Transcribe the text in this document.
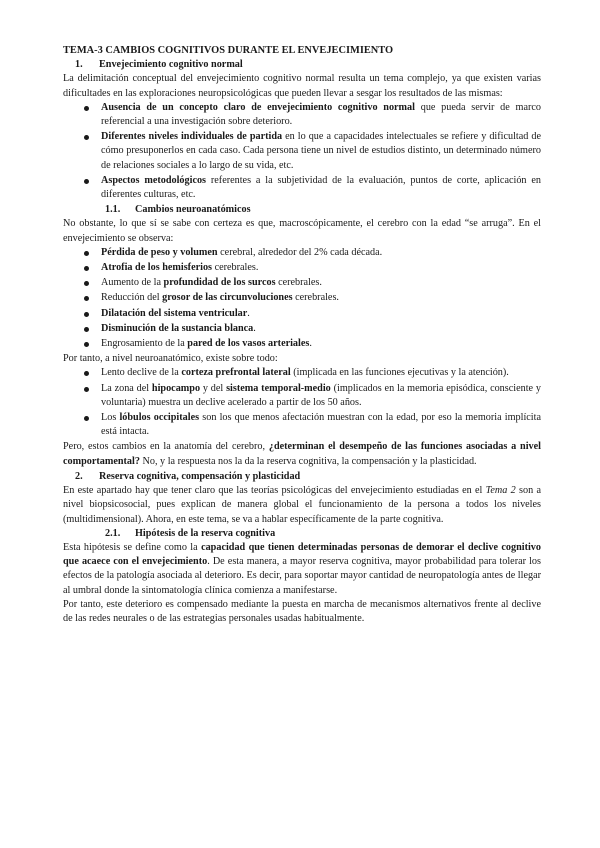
TEMA-3 CAMBIOS COGNITIVOS DURANTE EL ENVEJECIMIENTO

1. Envejecimiento cognitivo normal

La delimitación conceptual del envejecimiento cognitivo normal resulta un tema complejo, ya que existen varias dificultades en las exploraciones neuropsicológicas que pueden llevar a sesgar los resultados de las mismas:

Ausencia de un concepto claro de envejecimiento cognitivo normal que pueda servir de marco referencial a una investigación sobre deterioro.
Diferentes niveles individuales de partida en lo que a capacidades intelectuales se refiere y dificultad de cómo presuponerlos en cada caso. Cada persona tiene un nivel de estudios distinto, un determinado número de relaciones sociales a lo largo de su vida, etc.
Aspectos metodológicos referentes a la subjetividad de la evaluación, puntos de corte, aplicación en diferentes culturas, etc.

1.1. Cambios neuroanatómicos

No obstante, lo que sí se sabe con certeza es que, macroscópicamente, el cerebro con la edad “se arruga”. En el envejecimiento se observa:

Pérdida de peso y volumen cerebral, alrededor del 2% cada década.
Atrofia de los hemisferios cerebrales.
Aumento de la profundidad de los surcos cerebrales.
Reducción del grosor de las circunvoluciones cerebrales.
Dilatación del sistema ventricular.
Disminución de la sustancia blanca.
Engrosamiento de la pared de los vasos arteriales.

Por tanto, a nivel neuroanatómico, existe sobre todo:

Lento declive de la corteza prefrontal lateral (implicada en las funciones ejecutivas y la atención).
La zona del hipocampo y del sistema temporal-medio (implicados en la memoria episódica, consciente y voluntaria) muestra un declive acelerado a partir de los 50 años.
Los lóbulos occipitales son los que menos afectación muestran con la edad, por eso la memoria implícita está intacta.

Pero, estos cambios en la anatomía del cerebro, ¿determinan el desempeño de las funciones asociadas a nivel comportamental? No, y la respuesta nos la da la reserva cognitiva, la compensación y la plasticidad.

2. Reserva cognitiva, compensación y plasticidad

En este apartado hay que tener claro que las teorías psicológicas del envejecimiento estudiadas en el Tema 2 son a nivel biopsicosocial, pues explican de manera global el funcionamiento de la persona a todos los niveles (multidimensional). Ahora, en este tema, se va a hablar específicamente de la parte cognitiva.

2.1. Hipótesis de la reserva cognitiva

Esta hipótesis se define como la capacidad que tienen determinadas personas de demorar el declive cognitivo que acaece con el envejecimiento. De esta manera, a mayor reserva cognitiva, mayor probabilidad para tolerar los efectos de la patología asociada al deterioro. Es decir, para soportar mayor cantidad de neuropatología antes de llegar al umbral donde la sintomatología clínica comienza a manifestarse.

Por tanto, este deterioro es compensado mediante la puesta en marcha de mecanismos alternativos frente al declive de las redes neurales o de las estrategias personales usadas habitualmente.
